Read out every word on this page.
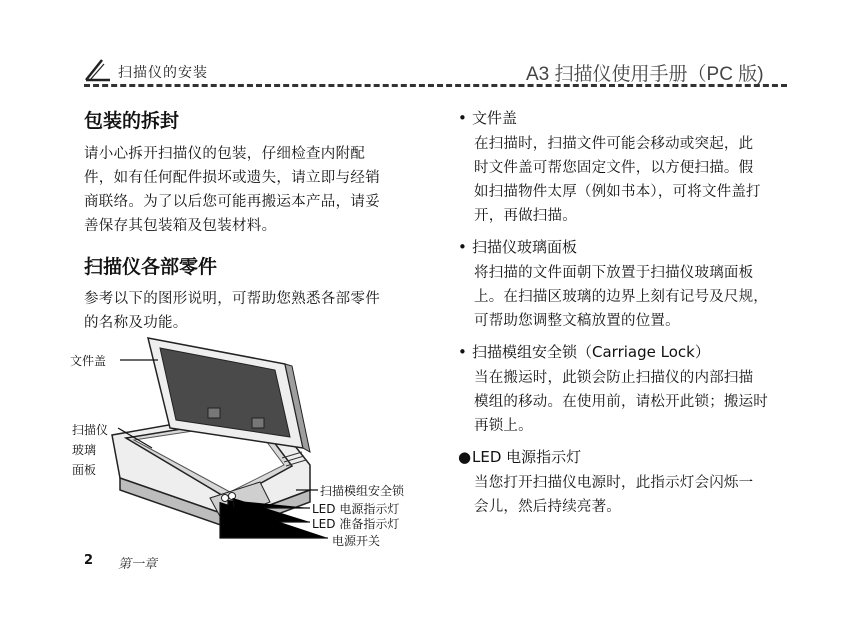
扫描仪的安装	A3 扫描仪使用手册（PC 版)
包装的拆封
请小心拆开扫描仪的包装，仔细检查内附配
件，如有任何配件损坏或遗失，请立即与经销
商联络。为了以后您可能再搬运本产品，请妥
善保存其包装箱及包装材料。
扫描仪各部零件
参考以下的图形说明，可帮助您熟悉各部零件
的名称及功能。
文件盖
扫描仪
玻璃
面板
扫描模组安全锁
LED 电源指示灯
LED 准备指示灯
电源开关
• 文件盖
在扫描时，扫描文件可能会移动或突起，此
时文件盖可帮您固定文件，以方便扫描。假
如扫描物件太厚（例如书本），可将文件盖打
开，再做扫描。
• 扫描仪玻璃面板
将扫描的文件面朝下放置于扫描仪玻璃面板
上。在扫描区玻璃的边界上刻有记号及尺规，
可帮助您调整文稿放置的位置。
• 扫描模组安全锁（Carriage Lock）
当在搬运时，此锁会防止扫描仪的内部扫描
模组的移动。在使用前，请松开此锁；搬运时
再锁上。
●LED 电源指示灯
当您打开扫描仪电源时，此指示灯会闪烁一
会儿，然后持续亮著。
2 第一章
